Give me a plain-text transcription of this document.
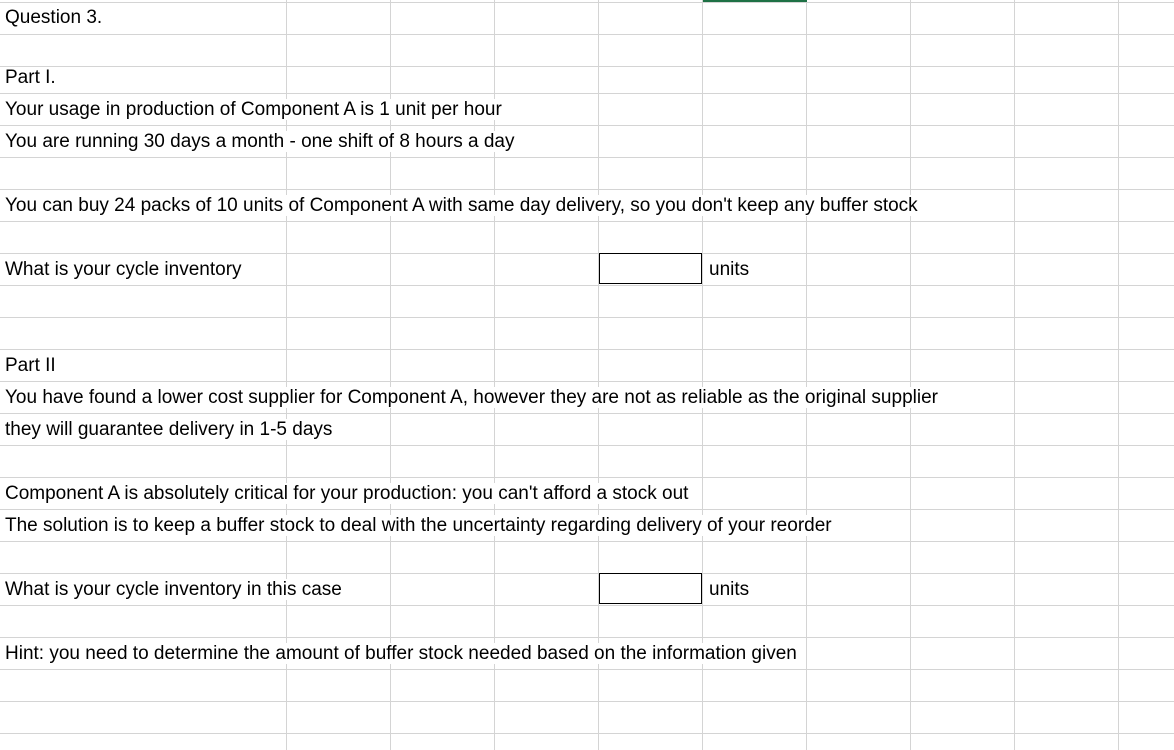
Question 3.
Part I.
Your usage in production of Component A is 1 unit per hour
You are running 30 days a month - one shift of 8 hours a day
You can buy 24 packs of 10 units of Component A with same day delivery, so you don't keep any buffer stock
What is your cycle inventory	units
Part II
You have found a lower cost supplier for Component A, however they are not as reliable as the original supplier
they will guarantee delivery in 1-5 days
Component A is absolutely critical for your production: you can't afford a stock out
The solution is to keep a buffer stock to deal with the uncertainty regarding delivery of your reorder
What is your cycle inventory in this case	units
Hint: you need to determine the amount of buffer stock needed based on the information given
